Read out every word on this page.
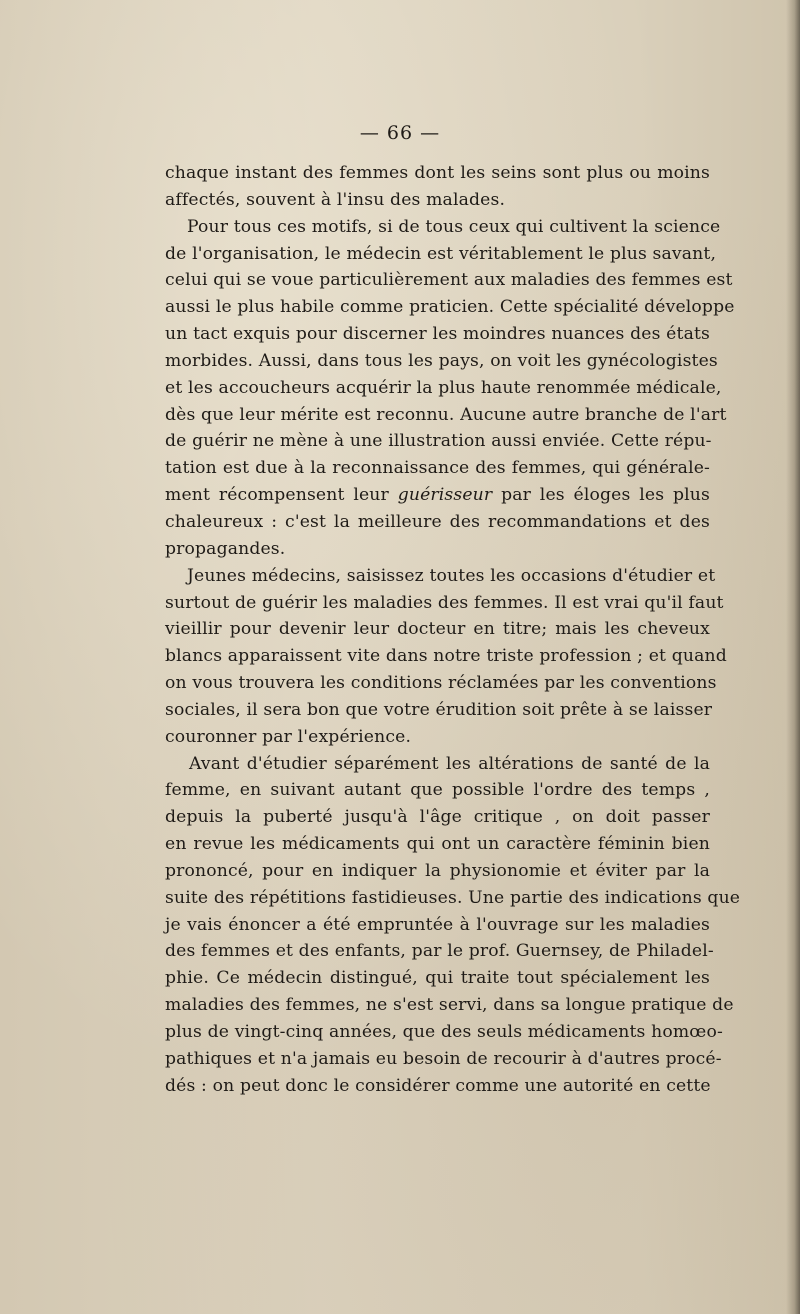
— 66 —
chaque instant des femmes dont les seins sont plus ou moins
affectés, souvent à l'insu des malades.
Pour tous ces motifs, si de tous ceux qui cultivent la science
de l'organisation, le médecin est véritablement le plus savant,
celui qui se voue particulièrement aux maladies des femmes est
aussi le plus habile comme praticien. Cette spécialité développe
un tact exquis pour discerner les moindres nuances des états
morbides. Aussi, dans tous les pays, on voit les gynécologistes
et les accoucheurs acquérir la plus haute renommée médicale,
dès que leur mérite est reconnu. Aucune autre branche de l'art
de guérir ne mène à une illustration aussi enviée. Cette répu-
tation est due à la reconnaissance des femmes, qui générale-
ment récompensent leur guérisseur par les éloges les plus
chaleureux : c'est la meilleure des recommandations et des
propagandes.
Jeunes médecins, saisissez toutes les occasions d'étudier et
surtout de guérir les maladies des femmes. Il est vrai qu'il faut
vieillir pour devenir leur docteur en titre; mais les cheveux
blancs apparaissent vite dans notre triste profession ; et quand
on vous trouvera les conditions réclamées par les conventions
sociales, il sera bon que votre érudition soit prête à se laisser
couronner par l'expérience.
Avant d'étudier séparément les altérations de santé de la
femme, en suivant autant que possible l'ordre des temps ,
depuis la puberté jusqu'à l'âge critique , on doit passer
en revue les médicaments qui ont un caractère féminin bien
prononcé, pour en indiquer la physionomie et éviter par la
suite des répétitions fastidieuses. Une partie des indications que
je vais énoncer a été empruntée à l'ouvrage sur les maladies
des femmes et des enfants, par le prof. Guernsey, de Philadel-
phie. Ce médecin distingué, qui traite tout spécialement les
maladies des femmes, ne s'est servi, dans sa longue pratique de
plus de vingt-cinq années, que des seuls médicaments homœo-
pathiques et n'a jamais eu besoin de recourir à d'autres procé-
dés : on peut donc le considérer comme une autorité en cette
